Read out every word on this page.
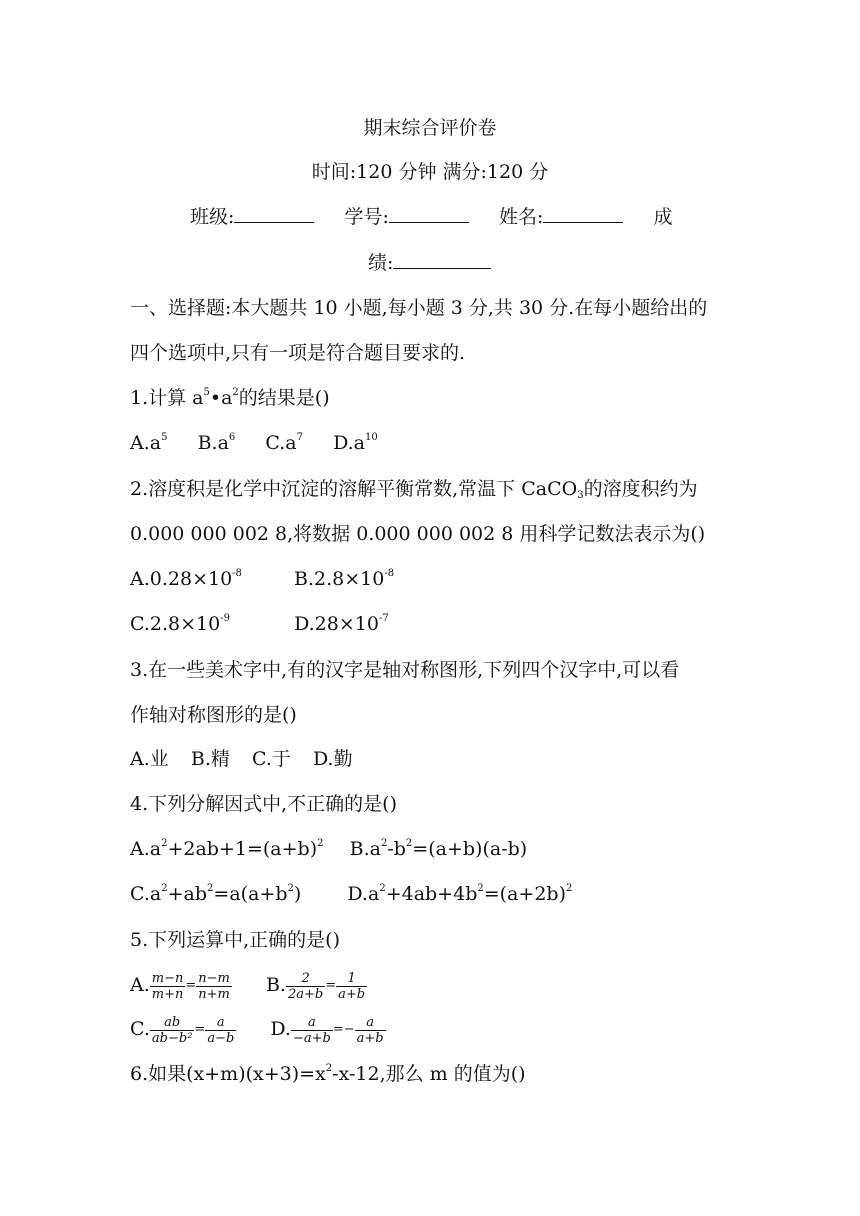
期末综合评价卷
时间:120 分钟 满分:120 分
班级:	学号:	姓名:	成
绩:
一、选择题:本大题共 10 小题,每小题 3 分,共 30 分.在每小题给出的
四个选项中,只有一项是符合题目要求的.
1.计算 $a^5•a^2$的结果是()
$A.a^5$ $B.a^6$ $C.a^7$ $D.a^{10}$
2.溶度积是化学中沉淀的溶解平衡常数,常温下 CaCO$_3$的溶度积约为
0.000 000 002 8,将数据 0.000 000 002 8 用科学记数法表示为()
$A.0.28\times 10^{-8}$	$B.2.8\times 10^{-8}$
$C.2.8\times 10^{-9}$	$D.28\times 10^{-7}$
3.在一些美术字中,有的汉字是轴对称图形,下列四个汉字中,可以看
作轴对称图形的是()
A.业 B.精 C.于 D.勤
4.下列分解因式中,不正确的是()
$A.a^2+2ab+1=(a+b)^2$ $B.a^2-b^2=(a+b)(a-b)$
$C.a^2+ab^2=a(a+b^2)$ $D.a^2+4ab+4b^2=(a+2b)^2$
5.下列运算中,正确的是()
A. $\frac{m-n}{m+n} = \frac{n-m}{n+m} B$. $\frac{2}{2a+b} = \frac{1}{a+b}$
C. $\frac{ab}{\text{ab−b²}} = \frac{a}{a-b} D$. $\frac{a}{-a+b} =- \frac{a}{a+b}$
6.如果$(x+m)(x+3)=x^2-x-12$,那么 m 的值为()
